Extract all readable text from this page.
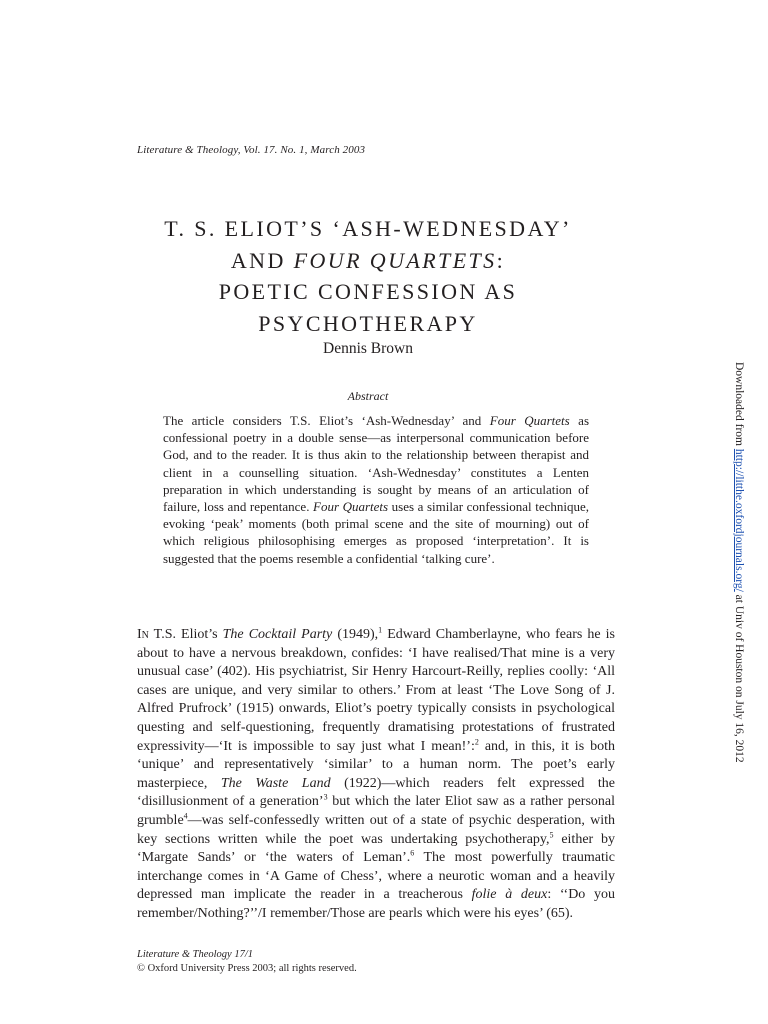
Literature & Theology, Vol. 17. No. 1, March 2003
T. S. ELIOT’S ‘ASH-WEDNESDAY’
AND FOUR QUARTETS:
POETIC CONFESSION AS
PSYCHOTHERAPY
Dennis Brown
Abstract

The article considers T.S. Eliot’s ‘Ash-Wednesday’ and Four Quartets as confessional poetry in a double sense—as interpersonal communication before God, and to the reader. It is thus akin to the relationship between therapist and client in a counselling situation. ‘Ash-Wednesday’ constitutes a Lenten preparation in which understanding is sought by means of an articulation of failure, loss and repentance. Four Quartets uses a similar confessional technique, evoking ‘peak’ moments (both primal scene and the site of mourning) out of which religious philosophising emerges as proposed ‘interpretation’. It is suggested that the poems resemble a confidential ‘talking cure’.

In T.S. Eliot’s The Cocktail Party (1949),$^1$ Edward Chamberlayne, who fears he is about to have a nervous breakdown, confides: ‘I have realised/That mine is a very unusual case’ (402). His psychiatrist, Sir Henry Harcourt-Reilly, replies coolly: ‘All cases are unique, and very similar to others.’ From at least ‘The Love Song of J. Alfred Prufrock’ (1915) onwards, Eliot’s poetry typically consists in psychological questing and self-questioning, frequently dramatising protestations of frustrated expressivity—‘It is impossible to say just what I mean!’:$^2$ and, in this, it is both ‘unique’ and representatively ‘similar’ to a human norm. The poet’s early masterpiece, The Waste Land (1922)—which readers felt expressed the ‘disillusionment of a generation’$^3$ but which the later Eliot saw as a rather personal grumble$^4$—was self-confessedly written out of a state of psychic desperation, with key sections written while the poet was undertaking psychotherapy,$^5$ either by ‘Margate Sands’ or ‘the waters of Leman’.$^6$ The most powerfully traumatic interchange comes in ‘A Game of Chess’, where a neurotic woman and a heavily depressed man implicate the reader in a treacherous folie à deux: ‘‘Do you remember/Nothing?’’/I remember/Those are pearls which were his eyes’ (65).

Literature & Theology 17/1
© Oxford University Press 2003; all rights reserved.
Downloaded from http://litthe.oxfordjournals.org/ at Univ of Houston on July 16, 2012
